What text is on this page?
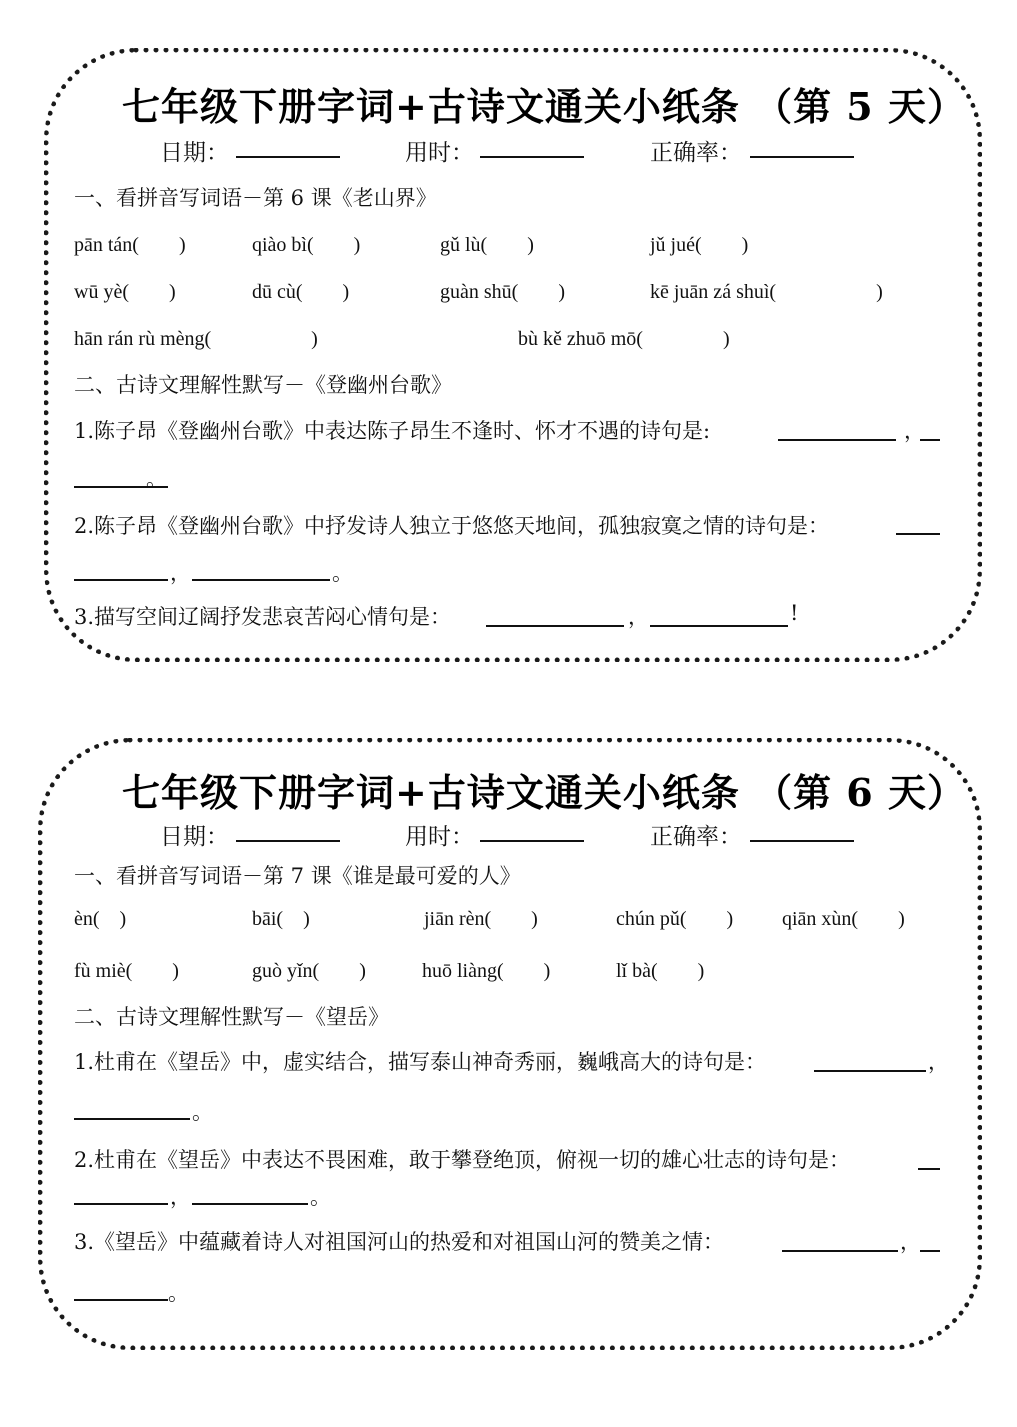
七年级下册字词+古诗文通关小纸条 （第 5 天）
日期：	用时：	正确率：
一、看拼音写词语－第 6 课《老山界》
pān tán(　　)	qiào bì(　　)	gǔ lù(　　)	jǔ jué(　　)
wū yè(　　)	dū cù(　　)	guàn shū(　　)	kē juān zá shuì(　　　　　)
hān rán rù mèng(　　　　　)	bù kě zhuō mō(　　　　)
二、古诗文理解性默写－《登幽州台歌》
1.陈子昂《登幽州台歌》中表达陈子昂生不逢时、怀才不遇的诗句是:	，
。
2.陈子昂《登幽州台歌》中抒发诗人独立于悠悠天地间，孤独寂寞之情的诗句是：
，	。
3.描写空间辽阔抒发悲哀苦闷心情句是：	，	!
七年级下册字词+古诗文通关小纸条 （第 6 天）
日期：	用时：	正确率：
一、看拼音写词语－第 7 课《谁是最可爱的人》
èn(　)	bāi(　)	jiān rèn(　　)	chún pǔ(　　) qiān xùn(　　)
fù miè(　　)	guò yǐn(　　)	huō liàng(　　)	lǐ bà(　　)
二、古诗文理解性默写－《望岳》
1.杜甫在《望岳》中，虚实结合，描写泰山神奇秀丽，巍峨高大的诗句是：	，
。
2.杜甫在《望岳》中表达不畏困难，敢于攀登绝顶，俯视一切的雄心壮志的诗句是：
，	。
3.《望岳》中蕴藏着诗人对祖国河山的热爱和对祖国山河的赞美之情：	，
。
